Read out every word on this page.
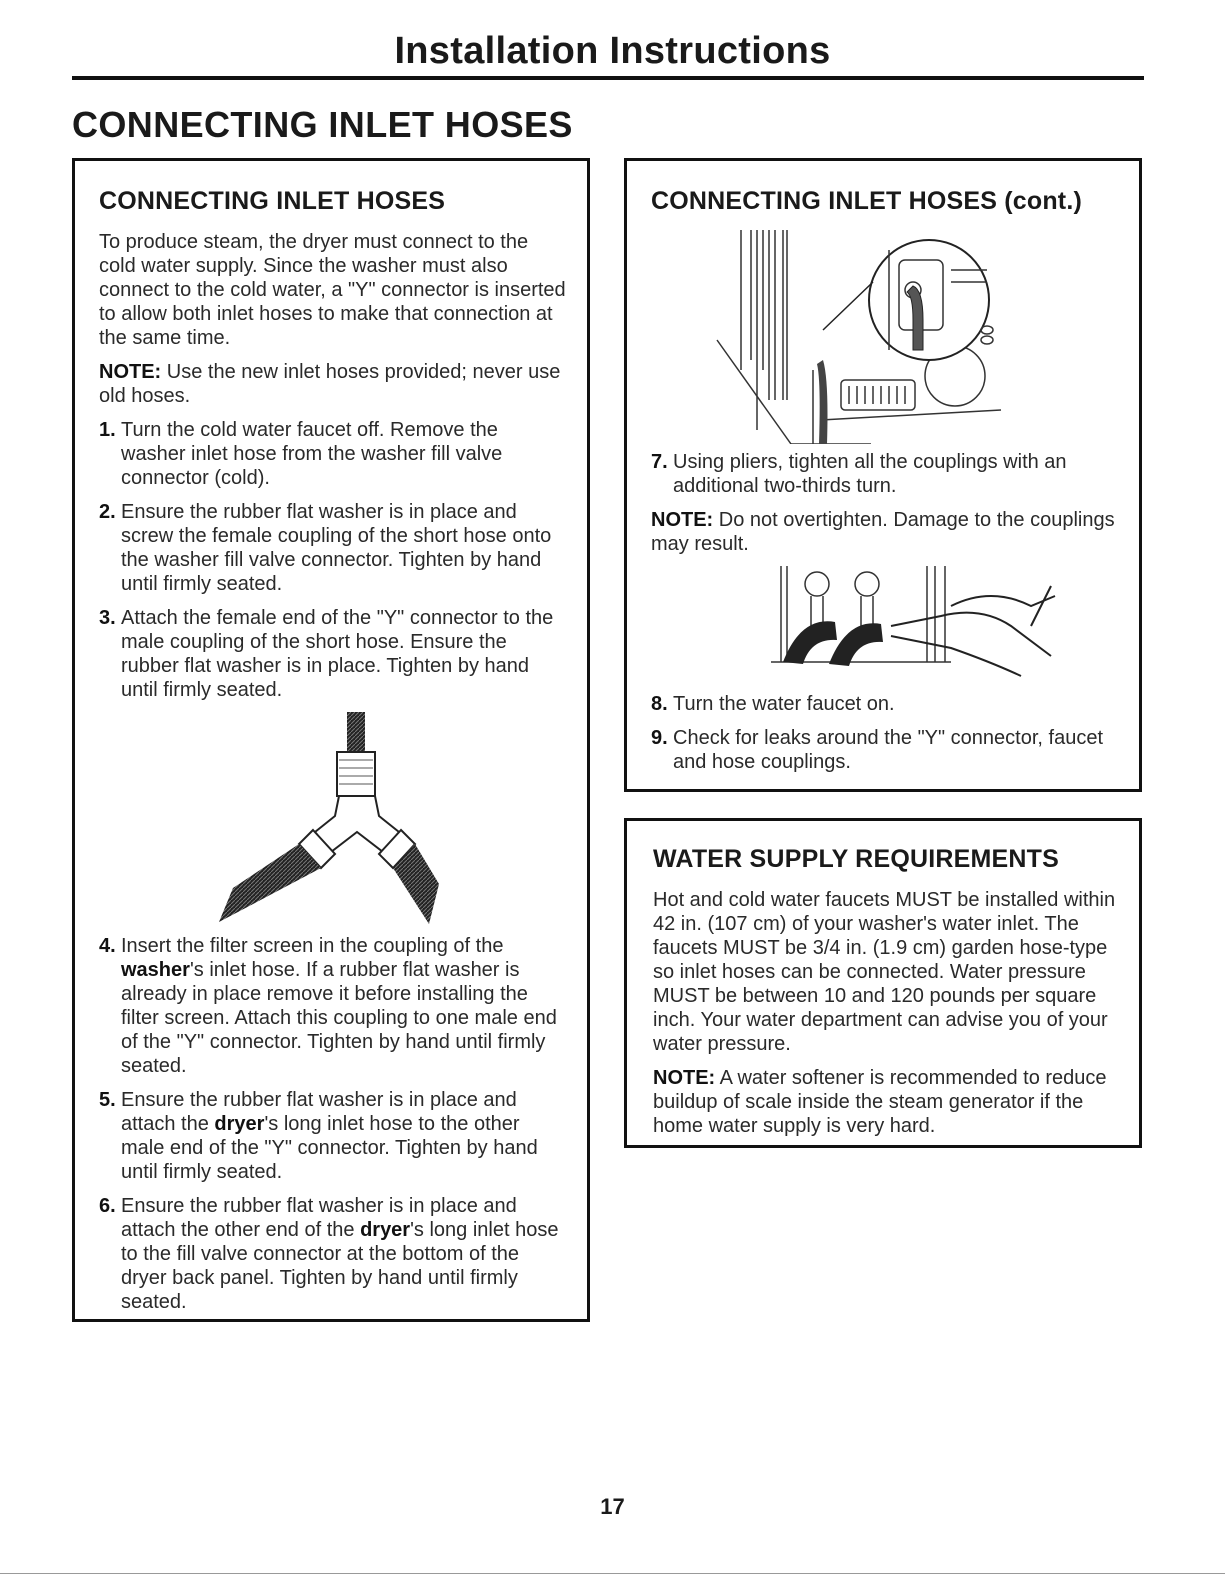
Installation Instructions
CONNECTING INLET HOSES
CONNECTING INLET HOSES

To produce steam, the dryer must connect to the cold water supply. Since the washer must also connect to the cold water, a "Y" connector is inserted to allow both inlet hoses to make that connection at the same time.

NOTE: Use the new inlet hoses provided; never use old hoses.

1. Turn the cold water faucet off. Remove the washer inlet hose from the washer fill valve connector (cold).
2. Ensure the rubber flat washer is in place and screw the female coupling of the short hose onto the washer fill valve connector. Tighten by hand until firmly seated.
3. Attach the female end of the "Y" connector to the male coupling of the short hose. Ensure the rubber flat washer is in place. Tighten by hand until firmly seated.
4. Insert the filter screen in the coupling of the washer's inlet hose. If a rubber flat washer is already in place remove it before installing the filter screen. Attach this coupling to one male end of the "Y" connector. Tighten by hand until firmly seated.
5. Ensure the rubber flat washer is in place and attach the dryer's long inlet hose to the other male end of the "Y" connector. Tighten by hand until firmly seated.
6. Ensure the rubber flat washer is in place and attach the other end of the dryer's long inlet hose to the fill valve connector at the bottom of the dryer back panel. Tighten by hand until firmly seated.
CONNECTING INLET HOSES (cont.)
7. Using pliers, tighten all the couplings with an additional two-thirds turn.

NOTE: Do not overtighten. Damage to the couplings may result.

8. Turn the water faucet on.
9. Check for leaks around the "Y" connector, faucet and hose couplings.
WATER SUPPLY REQUIREMENTS

Hot and cold water faucets MUST be installed within 42 in. (107 cm) of your washer's water inlet. The faucets MUST be 3/4 in. (1.9 cm) garden hose-type so inlet hoses can be connected. Water pressure MUST be between 10 and 120 pounds per square inch. Your water department can advise you of your water pressure.

NOTE: A water softener is recommended to reduce buildup of scale inside the steam generator if the home water supply is very hard.

17
